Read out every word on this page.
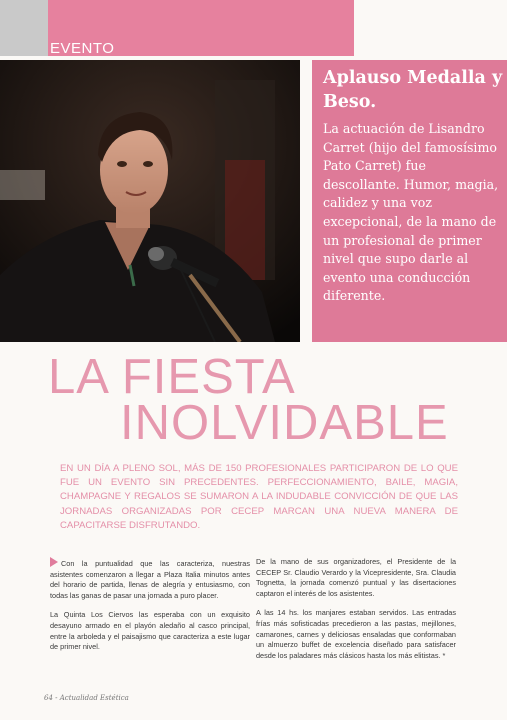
EVENTO
Aplauso Medalla y Beso.
La actuación de Lisandro Carret (hijo del famosísimo Pato Carret) fue descollante. Humor, magia, calidez y una voz excepcional, de la mano de un profesional de primer nivel que supo darle al evento una conducción diferente.
LA FIESTA
INOLVIDABLE
EN UN DÍA A PLENO SOL, MÁS DE 150 PROFESIONALES PARTICIPARON DE LO QUE FUE UN EVENTO SIN PRECEDENTES. PERFECCIONAMIENTO, BAILE, MAGIA, CHAMPAGNE Y REGALOS SE SUMARON A LA INDUDABLE CONVICCIÓN DE QUE LAS JORNADAS ORGANIZADAS POR CECEP MARCAN UNA NUEVA MANERA DE CAPACITARSE DISFRUTANDO.

Con la puntualidad que las caracteriza, nuestras asistentes comenzaron a llegar a Plaza Italia minutos antes del horario de partida, llenas de alegría y entusiasmo, con todas las ganas de pasar una jornada a puro placer.

La Quinta Los Ciervos las esperaba con un exquisito desayuno armado en el playón aledaño al casco principal, entre la arboleda y el paisajismo que caracteriza a este lugar de primer nivel.

De la mano de sus organizadores, el Presidente de la CECEP Sr. Claudio Verardo y la Vicepresidente, Sra. Claudia Tognetta, la jornada comenzó puntual y las disertaciones captaron el interés de los asistentes.

A las 14 hs. los manjares estaban servidos. Las entradas frías más sofisticadas precedieron a las pastas, mejillones, camarones, carnes y deliciosas ensaladas que conformaban un almuerzo buffet de excelencia diseñado para satisfacer desde los paladares más clásicos hasta los más elitistas. *

64 - Actualidad Estética
